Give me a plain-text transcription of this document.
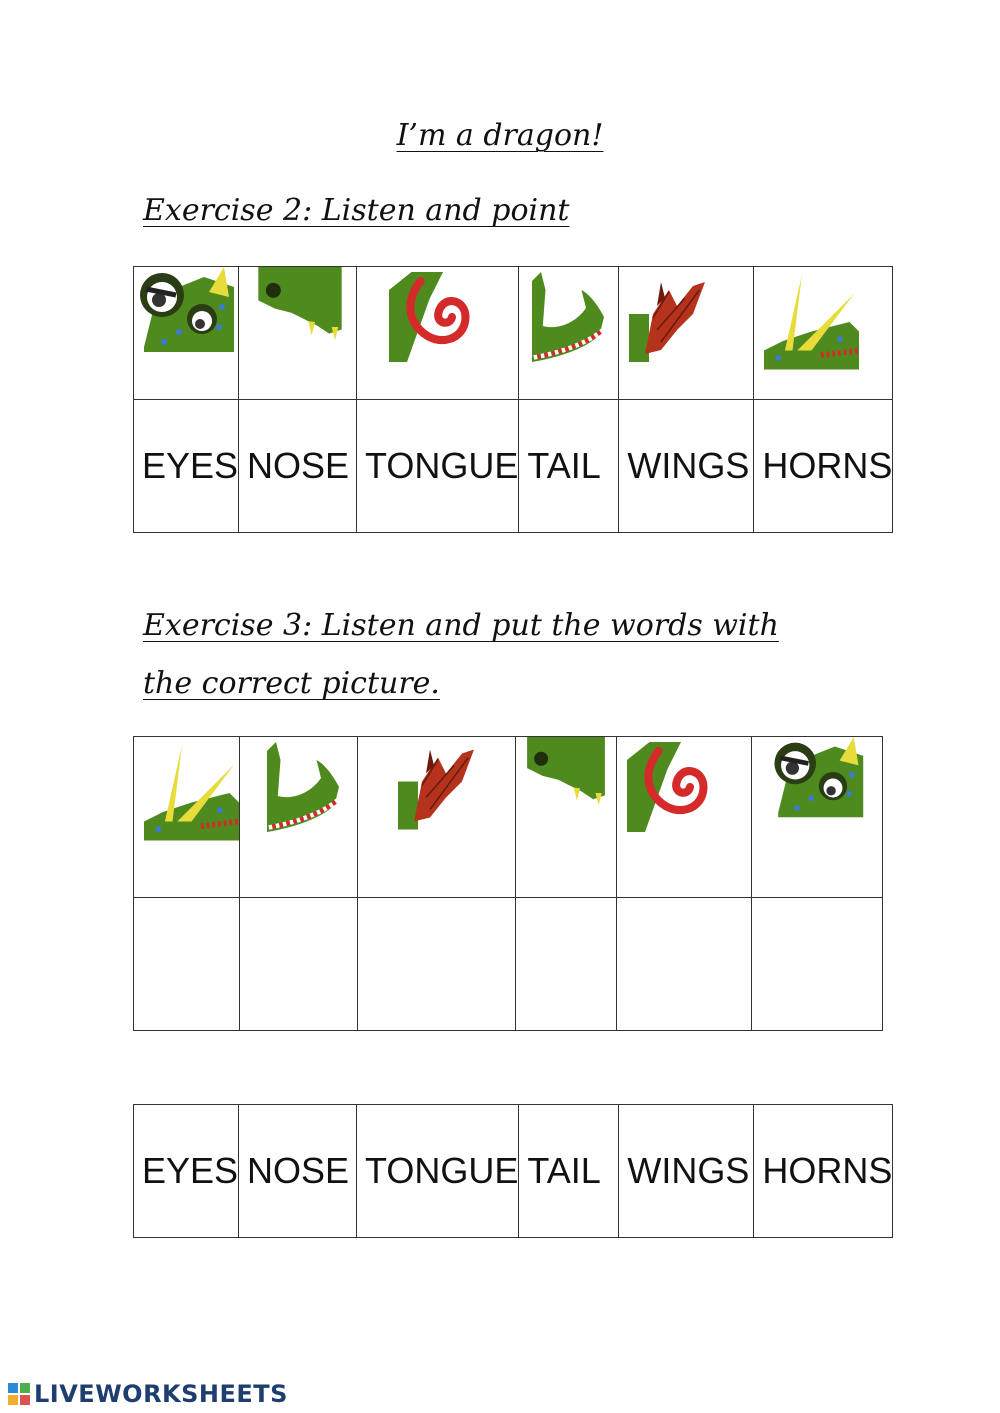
I’m a dragon!
Exercise 2: Listen and point

EYES	NOSE	TONGUE	TAIL	WINGS	HORNS
Exercise 3: Listen and put the words with
the correct picture.

EYES	NOSE	TONGUE	TAIL	WINGS	HORNS
LIVEWORKSHEETS
